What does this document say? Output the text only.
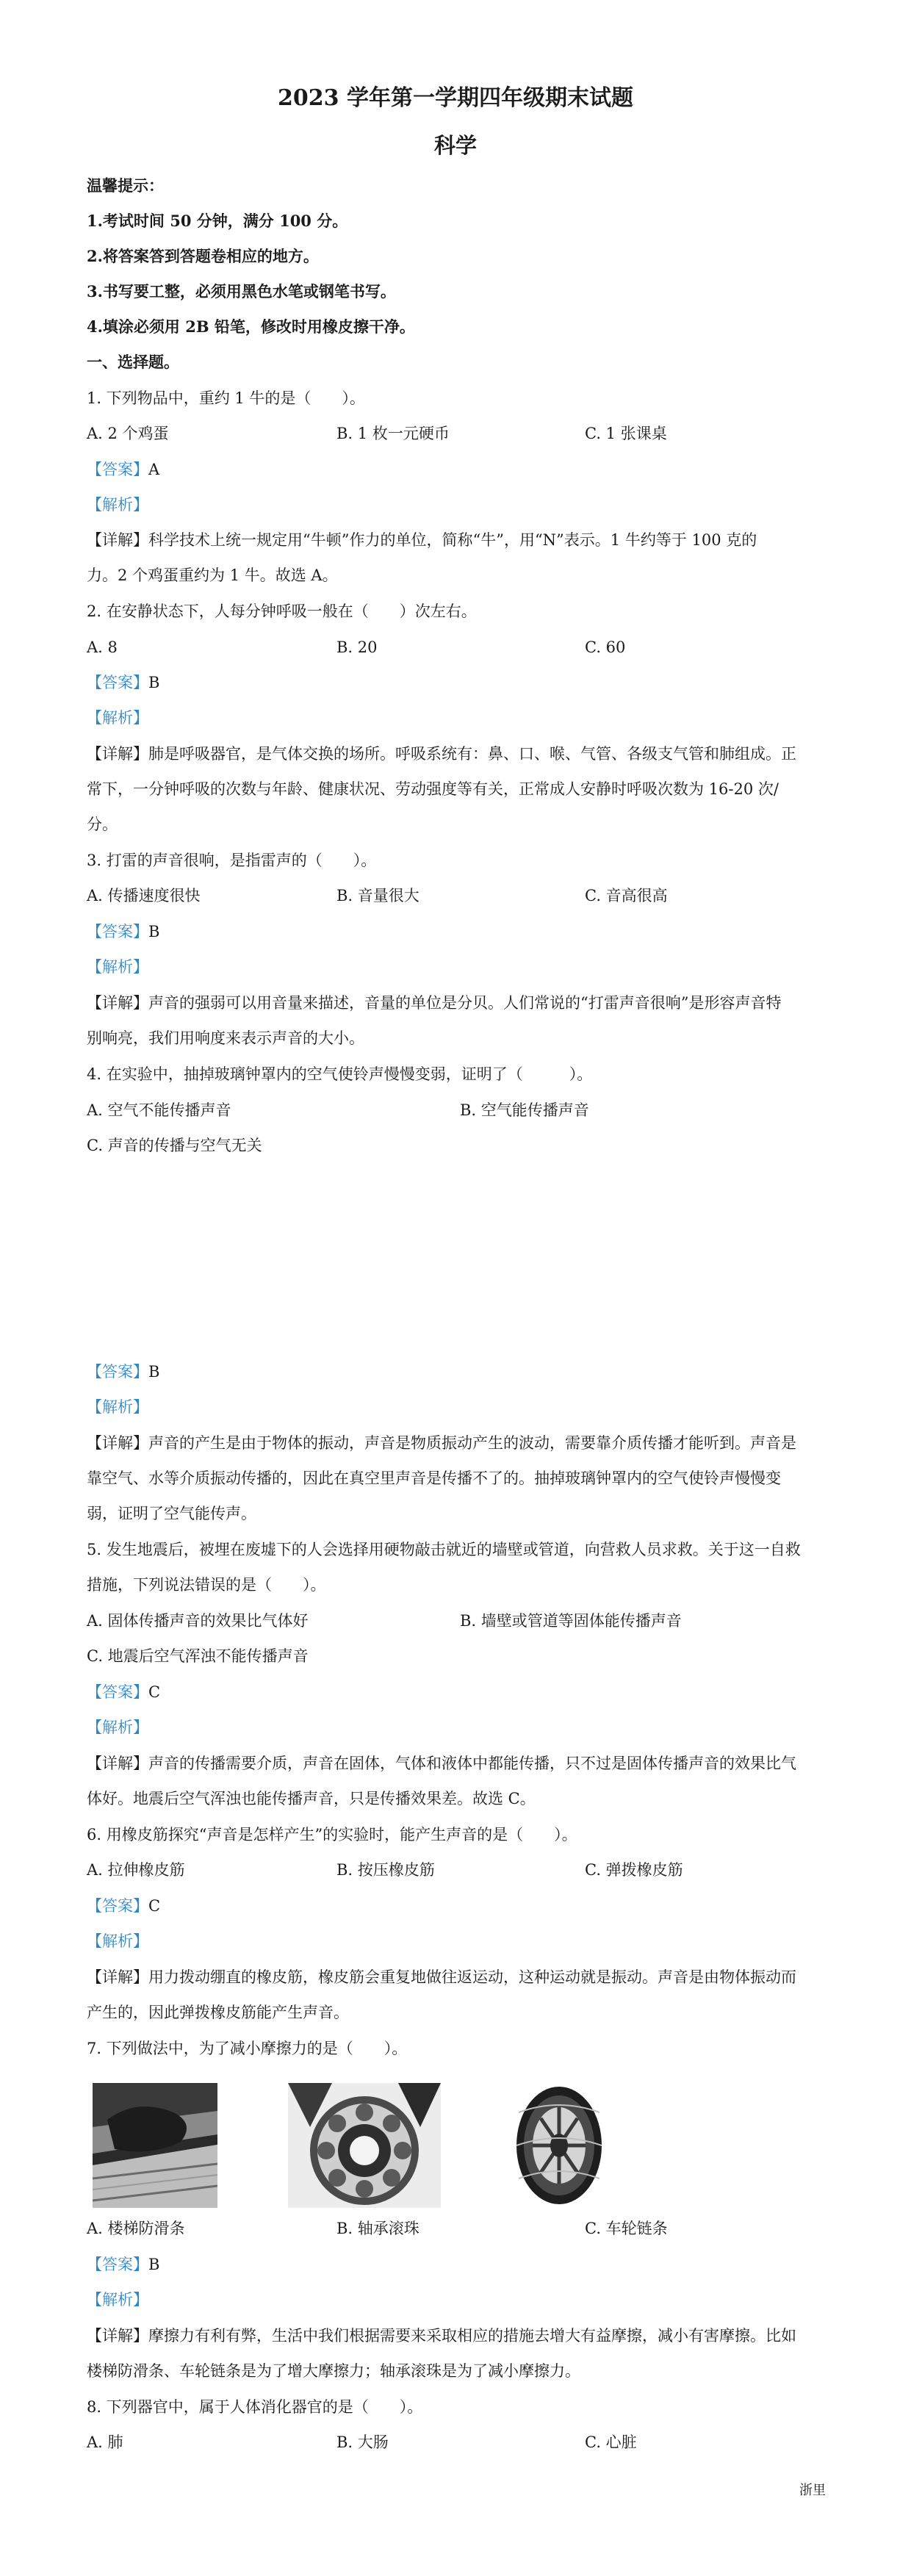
2023 学年第一学期四年级期末试题
科学
温馨提示：
1.考试时间 50 分钟，满分 100 分。
2.将答案答到答题卷相应的地方。
3.书写要工整，必须用黑色水笔或钢笔书写。
4.填涂必须用 2B 铅笔，修改时用橡皮擦干净。
一、选择题。
1. 下列物品中，重约 1 牛的是（　　）。
A. 2 个鸡蛋	B. 1 枚一元硬币	C. 1 张课桌
【答案】A
【解析】
【详解】科学技术上统一规定用“牛顿”作力的单位，简称“牛”，用“N”表示。1 牛约等于 100 克的
力。2 个鸡蛋重约为 1 牛。故选 A。
2. 在安静状态下，人每分钟呼吸一般在（　　）次左右。
A. 8	B. 20	C. 60
【答案】B
【解析】
【详解】肺是呼吸器官，是气体交换的场所。呼吸系统有：鼻、口、喉、气管、各级支气管和肺组成。正
常下，一分钟呼吸的次数与年龄、健康状况、劳动强度等有关，正常成人安静时呼吸次数为 16-20 次/
分。
3. 打雷的声音很响，是指雷声的（　　）。
A. 传播速度很快	B. 音量很大	C. 音高很高
【答案】B
【解析】
【详解】声音的强弱可以用音量来描述，音量的单位是分贝。人们常说的“打雷声音很响”是形容声音特
别响亮，我们用响度来表示声音的大小。
4. 在实验中，抽掉玻璃钟罩内的空气使铃声慢慢变弱，证明了（　　　）。
A. 空气不能传播声音	B. 空气能传播声音
C. 声音的传播与空气无关
【答案】B
【解析】
【详解】声音的产生是由于物体的振动，声音是物质振动产生的波动，需要靠介质传播才能听到。声音是
靠空气、水等介质振动传播的，因此在真空里声音是传播不了的。抽掉玻璃钟罩内的空气使铃声慢慢变
弱，证明了空气能传声。
5. 发生地震后，被埋在废墟下的人会选择用硬物敲击就近的墙壁或管道，向营救人员求救。关于这一自救
措施，下列说法错误的是（　　）。
A. 固体传播声音的效果比气体好	B. 墙壁或管道等固体能传播声音
C. 地震后空气浑浊不能传播声音
【答案】C
【解析】
【详解】声音的传播需要介质，声音在固体，气体和液体中都能传播，只不过是固体传播声音的效果比气
体好。地震后空气浑浊也能传播声音，只是传播效果差。故选 C。
6. 用橡皮筋探究“声音是怎样产生”的实验时，能产生声音的是（　　）。
A. 拉伸橡皮筋	B. 按压橡皮筋	C. 弹拨橡皮筋
【答案】C
【解析】
【详解】用力拨动绷直的橡皮筋，橡皮筋会重复地做往返运动，这种运动就是振动。声音是由物体振动而
产生的，因此弹拨橡皮筋能产生声音。
7. 下列做法中，为了减小摩擦力的是（　　）。
A. 楼梯防滑条	B. 轴承滚珠	C. 车轮链条
【答案】B
【解析】
【详解】摩擦力有利有弊，生活中我们根据需要来采取相应的措施去增大有益摩擦，减小有害摩擦。比如
楼梯防滑条、车轮链条是为了增大摩擦力；轴承滚珠是为了减小摩擦力。
8. 下列器官中，属于人体消化器官的是（　　）。
A. 肺	B. 大肠	C. 心脏
浙里
